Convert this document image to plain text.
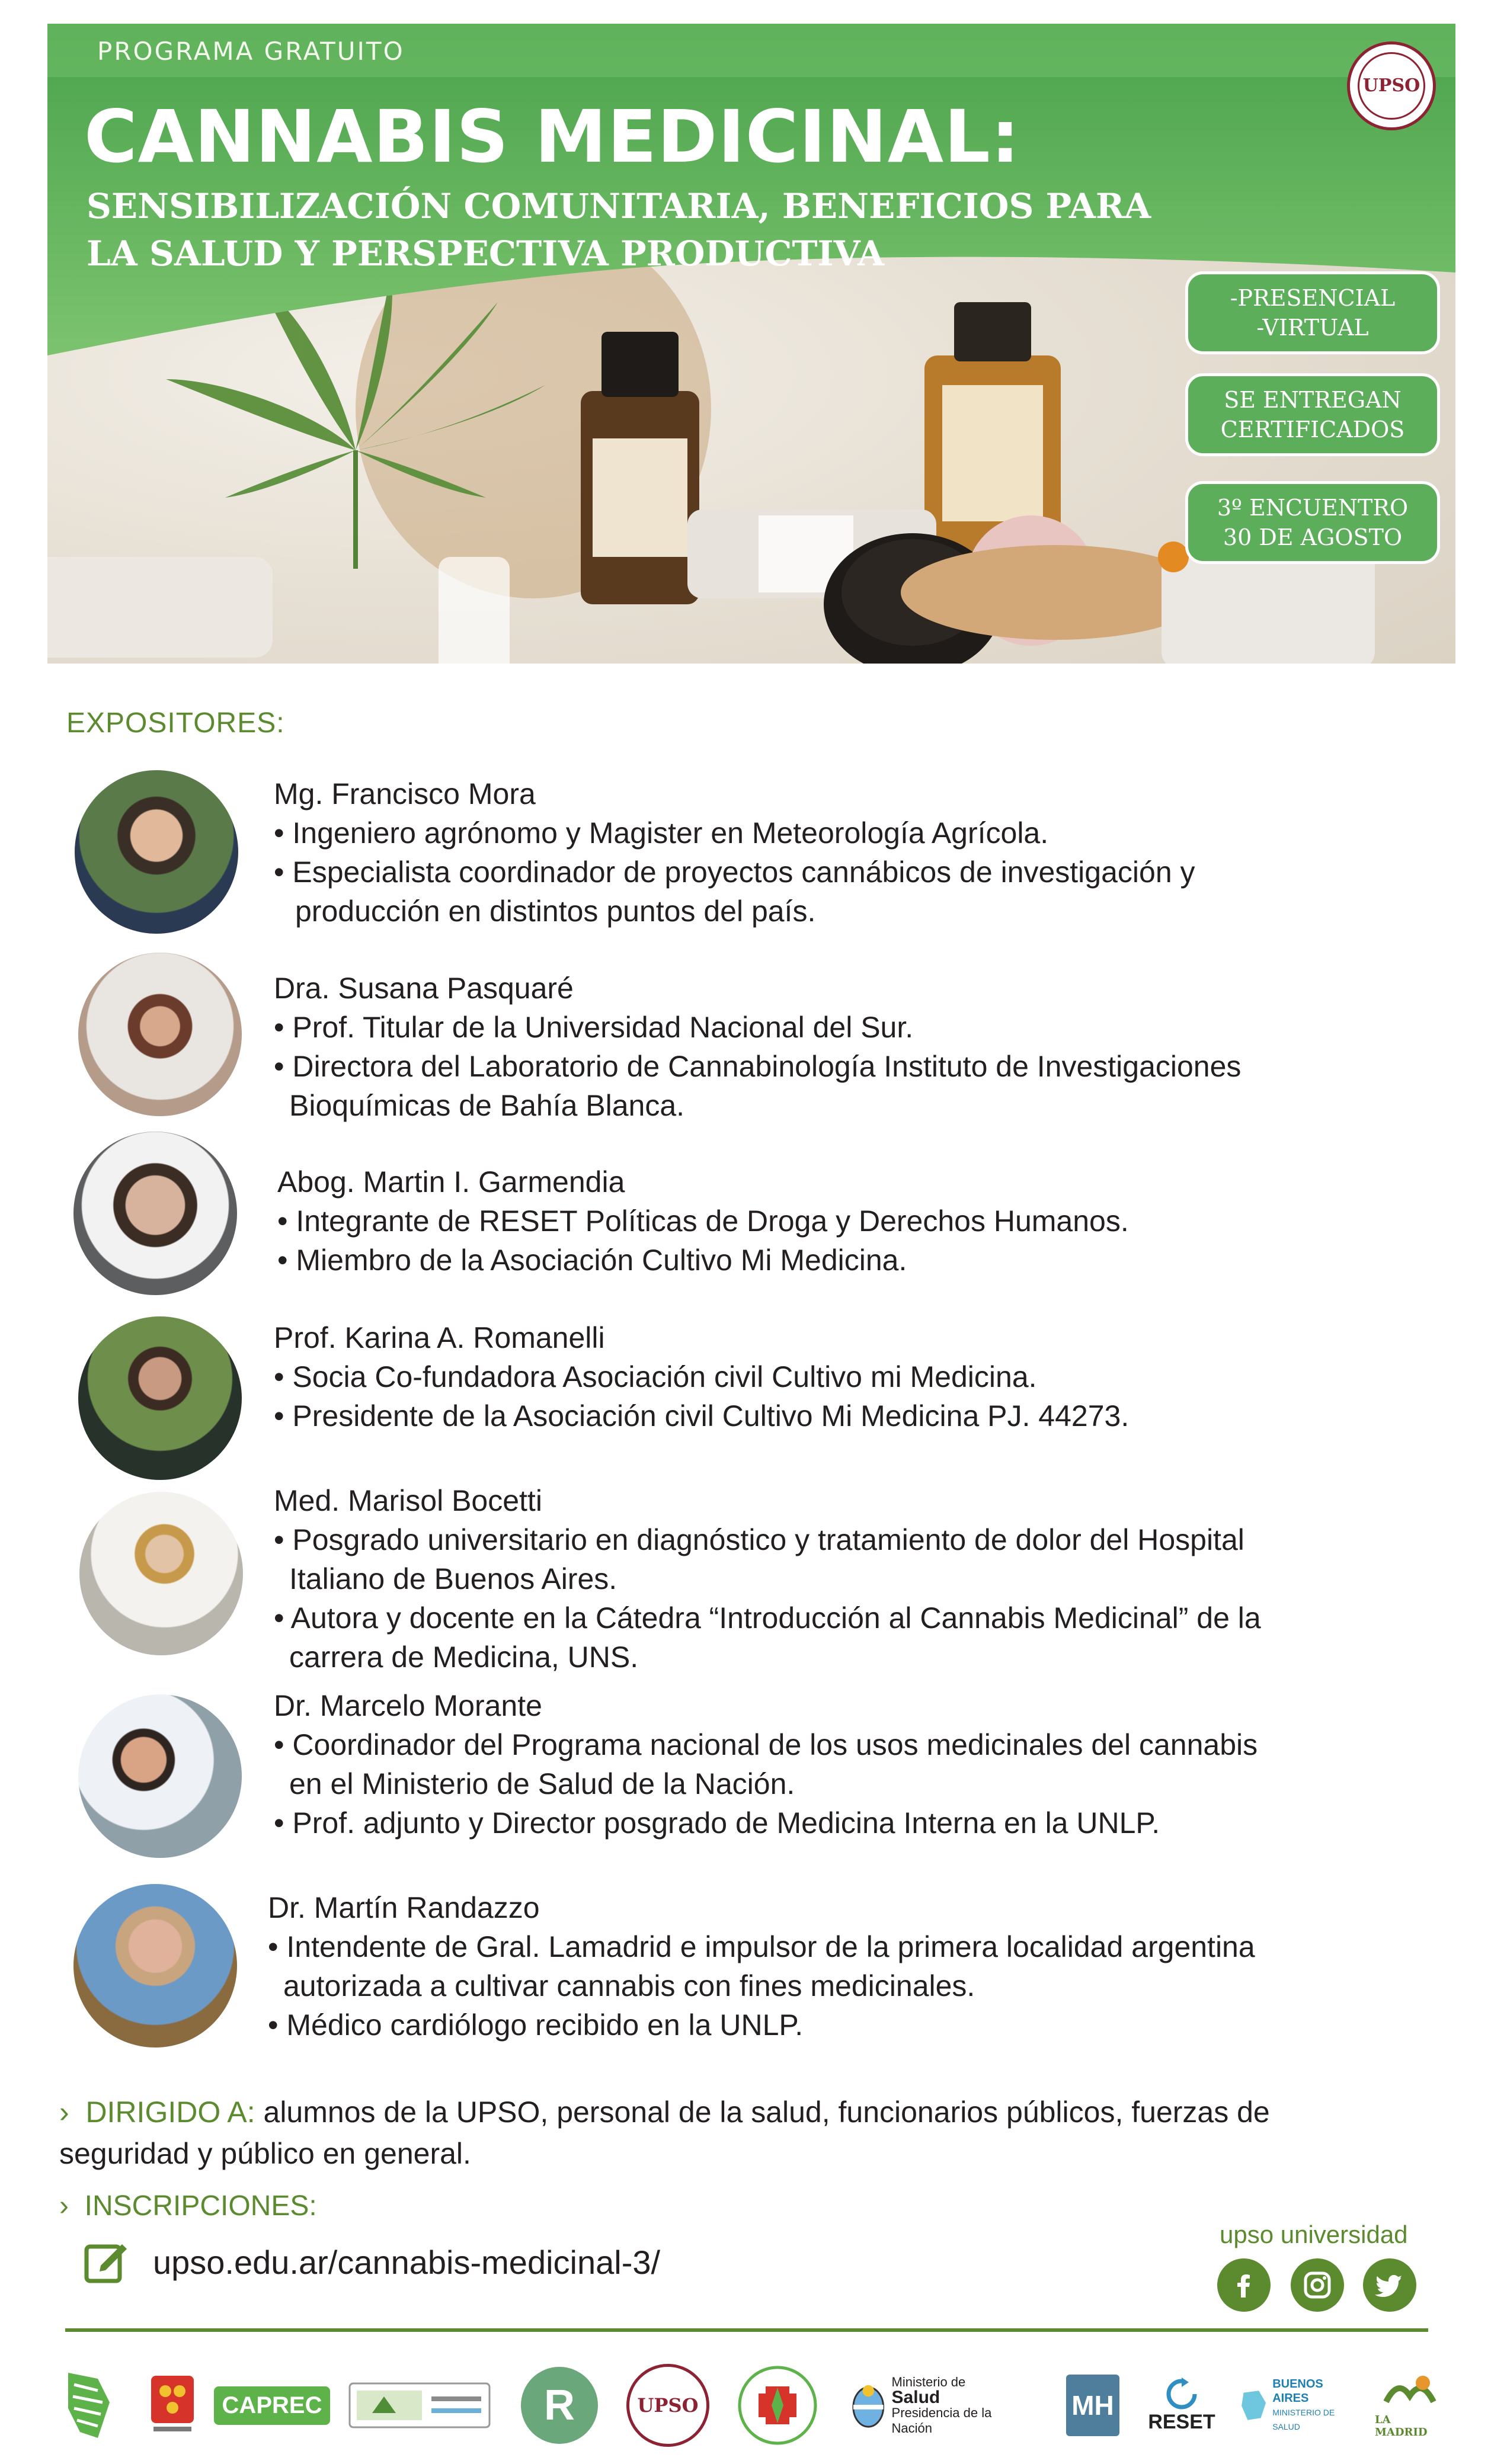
PROGRAMA GRATUITO
CANNABIS MEDICINAL:
SENSIBILIZACIÓN COMUNITARIA, BENEFICIOS PARA
LA SALUD Y PERSPECTIVA PRODUCTIVA
UPSO
-PRESENCIAL
-VIRTUAL
SE ENTREGAN
CERTIFICADOS
3º ENCUENTRO
30 DE AGOSTO
EXPOSITORES:
Mg. Francisco Mora
• Ingeniero agrónomo y Magister en Meteorología Agrícola.
• Especialista coordinador de proyectos cannábicos de investigación y
producción en distintos puntos del país.
Dra. Susana Pasquaré
• Prof. Titular de la Universidad Nacional del Sur.
• Directora del Laboratorio de Cannabinología Instituto de Investigaciones
Bioquímicas de Bahía Blanca.
Abog. Martin I. Garmendia
• Integrante de RESET Políticas de Droga y Derechos Humanos.
• Miembro de la Asociación Cultivo Mi Medicina.
Prof. Karina A. Romanelli
• Socia Co-fundadora Asociación civil Cultivo mi Medicina.
• Presidente de la Asociación civil Cultivo Mi Medicina PJ. 44273.
Med. Marisol Bocetti
• Posgrado universitario en diagnóstico y tratamiento de dolor del Hospital
Italiano de Buenos Aires.
• Autora y docente en la Cátedra “Introducción al Cannabis Medicinal” de la
carrera de Medicina, UNS.
Dr. Marcelo Morante
• Coordinador del Programa nacional de los usos medicinales del cannabis
en el Ministerio de Salud de la Nación.
• Prof. adjunto y Director posgrado de Medicina Interna en la UNLP.
Dr. Martín Randazzo
• Intendente de Gral. Lamadrid e impulsor de la primera localidad argentina
autorizada a cultivar cannabis con fines medicinales.
• Médico cardiólogo recibido en la UNLP.
› DIRIGIDO A: alumnos de la UPSO, personal de la salud, funcionarios públicos, fuerzas de seguridad y público en general.
› INSCRIPCIONES:
upso.edu.ar/cannabis-medicinal-3/
upso universidad
CAPREC	R	UPSO
Ministerio de
Salud
Presidencia de la Nación
MH
RESET
BUENOS AIRES
MINISTERIO DE SALUD
LA MADRID
